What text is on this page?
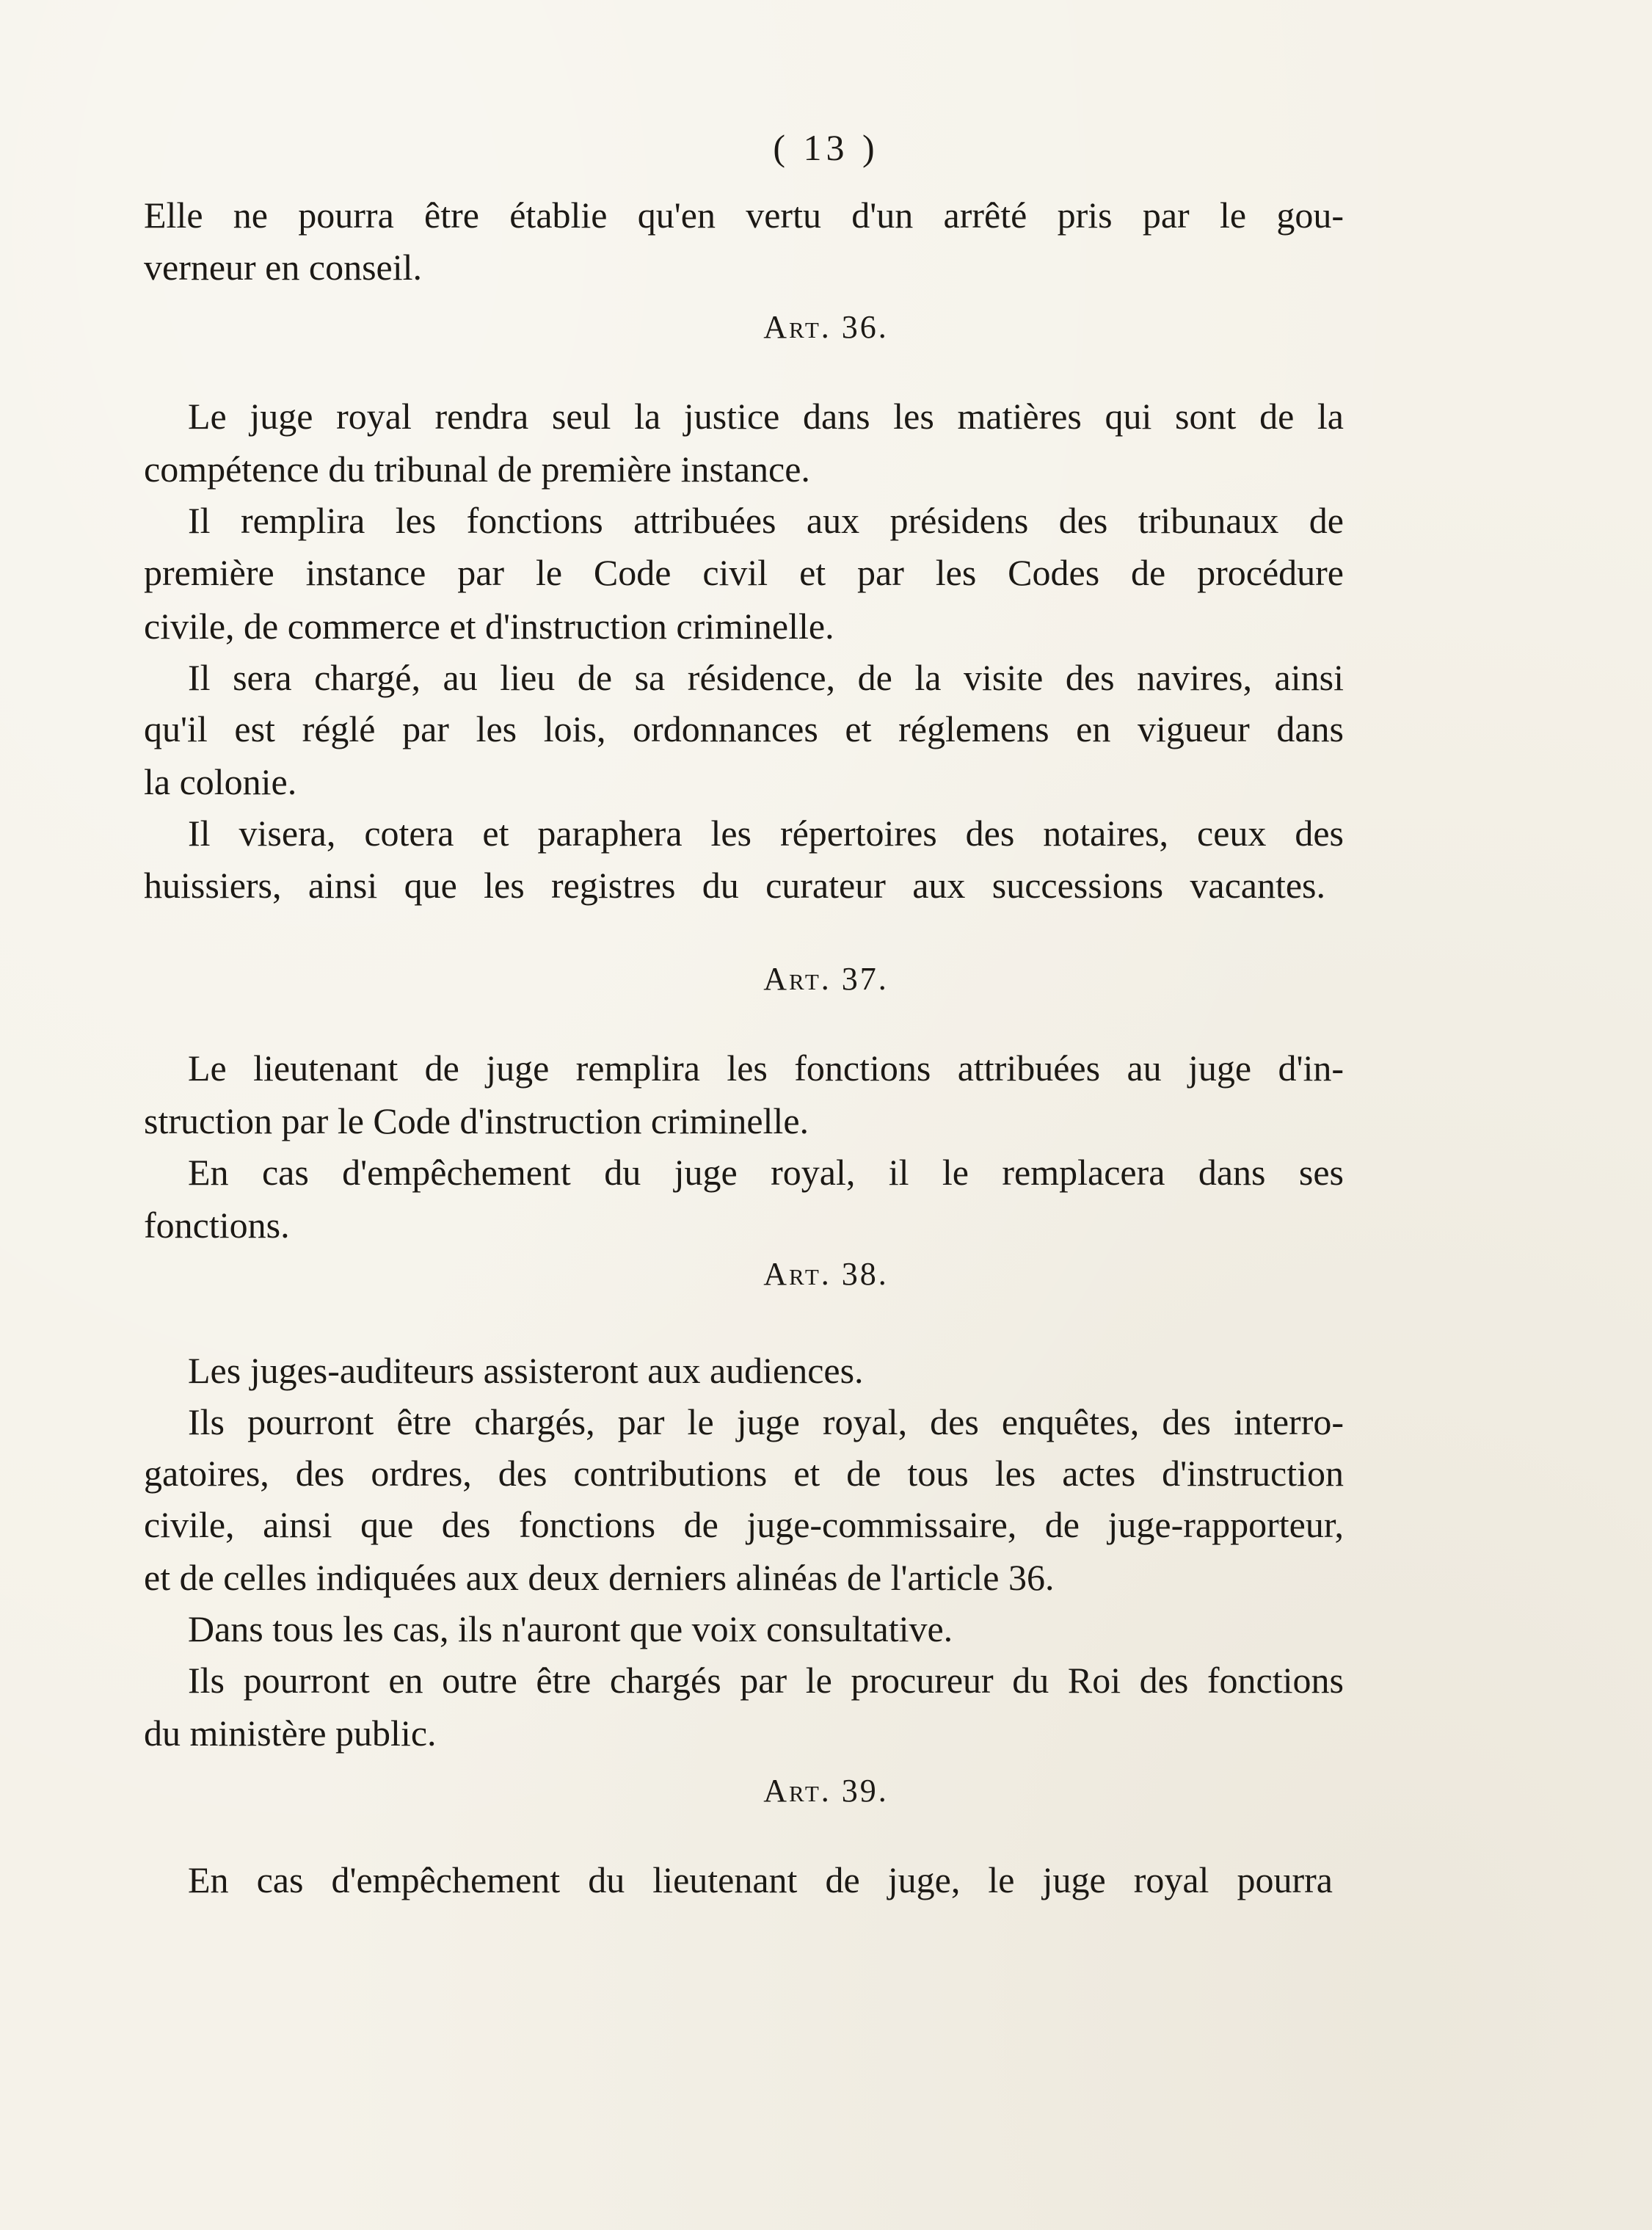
( 13 )
Elle ne pourra être établie qu'en vertu d'un arrêté pris par le gou-
verneur en conseil.
Art. 36.
Le juge royal rendra seul la justice dans les matières qui sont de la
compétence du tribunal de première instance.
Il remplira les fonctions attribuées aux présidens des tribunaux de
première instance par le Code civil et par les Codes de procédure
civile, de commerce et d'instruction criminelle.
Il sera chargé, au lieu de sa résidence, de la visite des navires, ainsi
qu'il est réglé par les lois, ordonnances et réglemens en vigueur dans
la colonie.
Il visera, cotera et paraphera les répertoires des notaires, ceux des
huissiers, ainsi que les registres du curateur aux successions vacantes.
Art. 37.
Le lieutenant de juge remplira les fonctions attribuées au juge d'in-
struction par le Code d'instruction criminelle.
En cas d'empêchement du juge royal, il le remplacera dans ses
fonctions.
Art. 38.
Les juges-auditeurs assisteront aux audiences.
Ils pourront être chargés, par le juge royal, des enquêtes, des interro-
gatoires, des ordres, des contributions et de tous les actes d'instruction
civile, ainsi que des fonctions de juge-commissaire, de juge-rapporteur,
et de celles indiquées aux deux derniers alinéas de l'article 36.
Dans tous les cas, ils n'auront que voix consultative.
Ils pourront en outre être chargés par le procureur du Roi des fonctions
du ministère public.
Art. 39.
En cas d'empêchement du lieutenant de juge, le juge royal pourra
